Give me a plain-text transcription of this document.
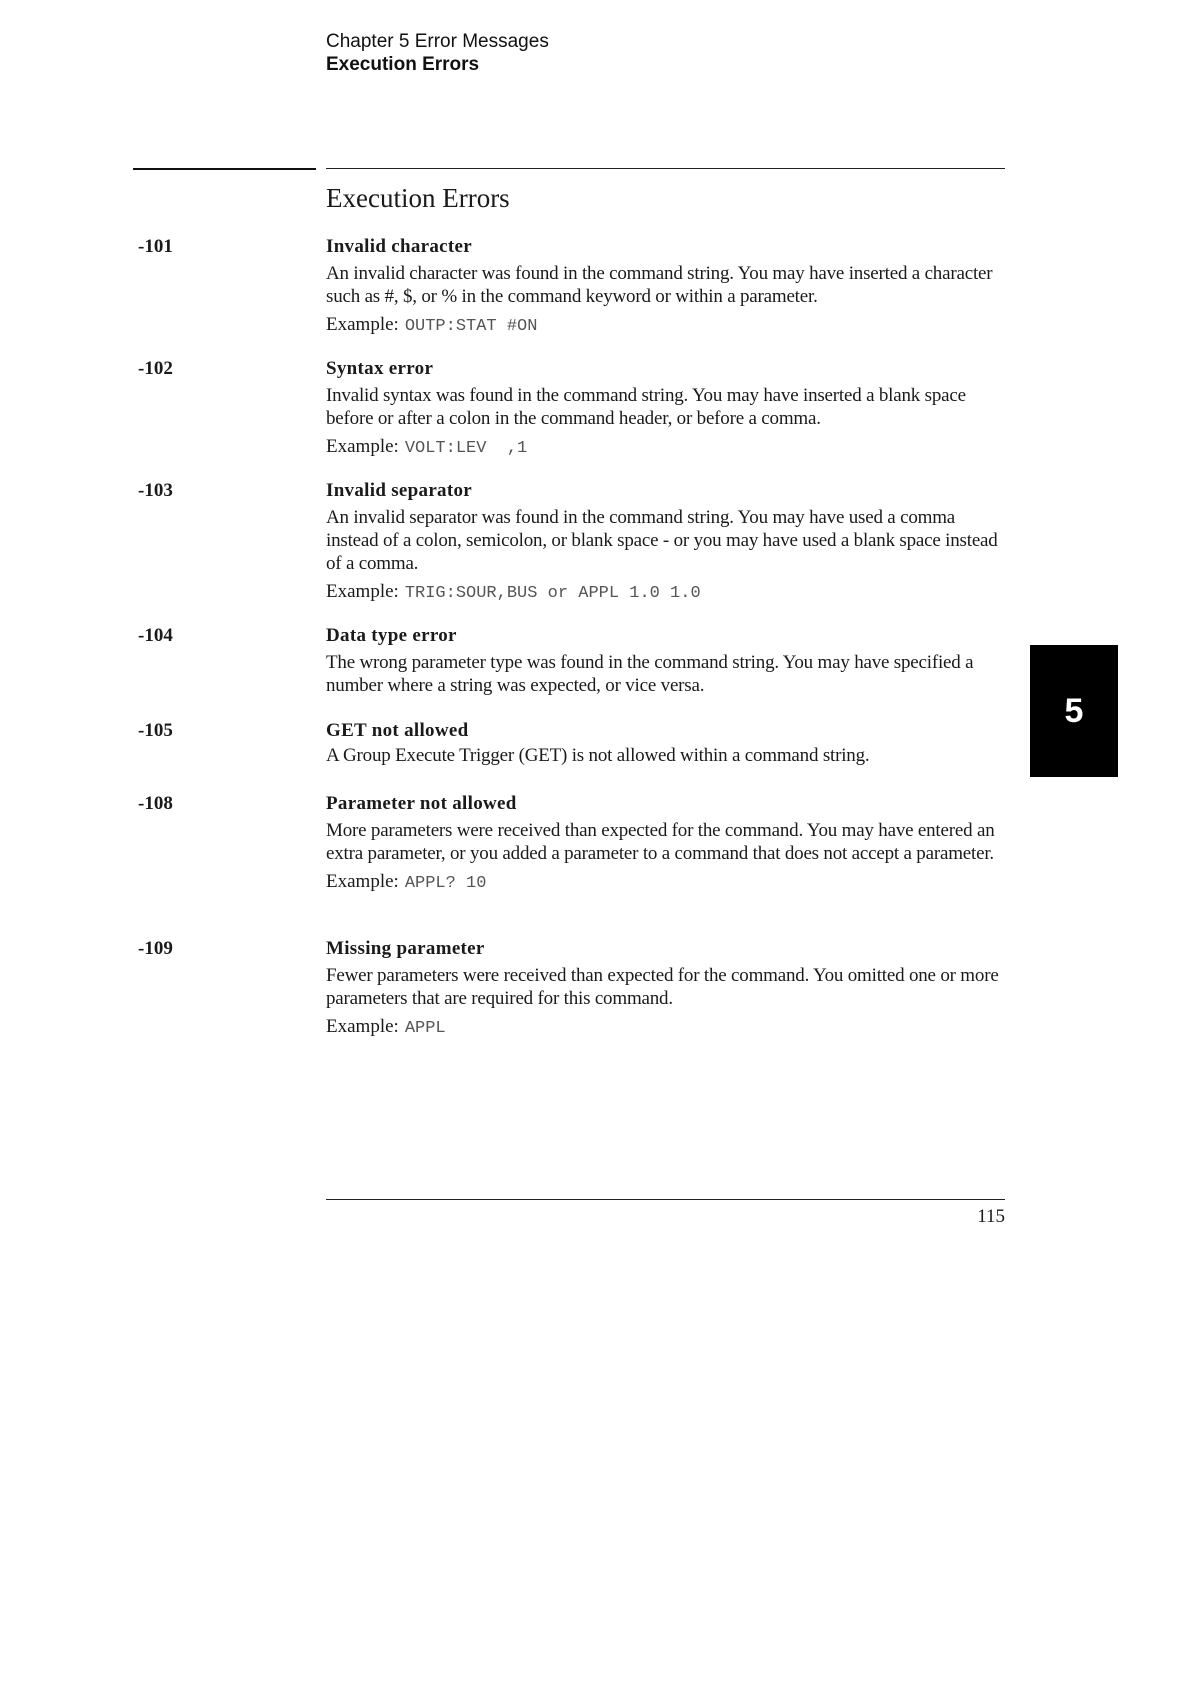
Chapter 5 Error Messages
Execution Errors
Execution Errors
-101	Invalid character
An invalid character was found in the command string. You may have inserted a character such as #, $, or % in the command keyword or within a parameter.
Example: OUTP:STAT #ON
-102	Syntax error
Invalid syntax was found in the command string. You may have inserted a blank space before or after a colon in the command header, or before a comma.
Example: VOLT:LEV  ,1
-103	Invalid separator
An invalid separator was found in the command string. You may have used a comma instead of a colon, semicolon, or blank space - or you may have used a blank space instead of a comma.
Example: TRIG:SOUR,BUS or APPL 1.0 1.0
-104	Data type error
The wrong parameter type was found in the command string. You may have specified a number where a string was expected, or vice versa.
-105	GET not allowed
A Group Execute Trigger (GET) is not allowed within a command string.
-108	Parameter not allowed
More parameters were received than expected for the command. You may have entered an extra parameter, or you added a parameter to a command that does not accept a parameter.
Example: APPL? 10
-109	Missing parameter
Fewer parameters were received than expected for the command. You omitted one or more parameters that are required for this command.
Example: APPL
5
115
